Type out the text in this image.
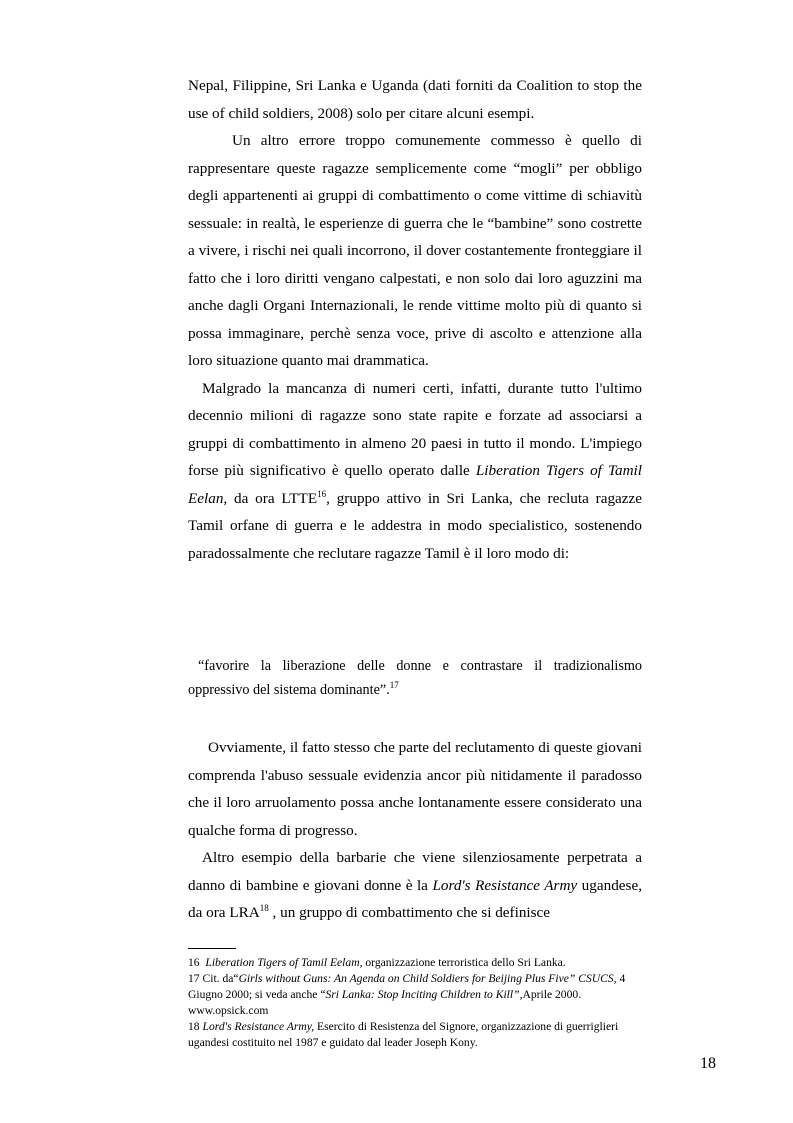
Nepal, Filippine, Sri Lanka e Uganda (dati forniti da Coalition to stop the use of child soldiers, 2008) solo per citare alcuni esempi.

Un altro errore troppo comunemente commesso è quello di rappresentare queste ragazze semplicemente come “mogli” per obbligo degli appartenenti ai gruppi di combattimento o come vittime di schiavitù sessuale: in realtà, le esperienze di guerra che le “bambine” sono costrette a vivere, i rischi nei quali incorrono, il dover costantemente fronteggiare il fatto che i loro diritti vengano calpestati, e non solo dai loro aguzzini ma anche dagli Organi Internazionali, le rende vittime molto più di quanto si possa immaginare, perchè senza voce, prive di ascolto e attenzione alla loro situazione quanto mai drammatica.

Malgrado la mancanza di numeri certi, infatti, durante tutto l'ultimo decennio milioni di ragazze sono state rapite e forzate ad associarsi a gruppi di combattimento in almeno 20 paesi in tutto il mondo. L'impiego forse più significativo è quello operato dalle Liberation Tigers of Tamil Eelan, da ora LTTE$^{16}$, gruppo attivo in Sri Lanka, che recluta ragazze Tamil orfane di guerra e le addestra in modo specialistico, sostenendo paradossalmente che reclutare ragazze Tamil è il loro modo di:

“favorire la liberazione delle donne e contrastare il tradizionalismo oppressivo del sistema dominante”.$^{17}$

Ovviamente, il fatto stesso che parte del reclutamento di queste giovani comprenda l'abuso sessuale evidenzia ancor più nitidamente il paradosso che il loro arruolamento possa anche lontanamente essere considerato una qualche forma di progresso.

Altro esempio della barbarie che viene silenziosamente perpetrata a danno di bambine e giovani donne è la Lord's Resistance Army ugandese, da ora LRA$^{18}$ , un gruppo di combattimento che si definisce

16 Liberation Tigers of Tamil Eelam, organizzazione terroristica dello Sri Lanka.

17 Cit. da“Girls without Guns: An Agenda on Child Soldiers for Beijing Plus Five” CSUCS, 4 Giugno 2000; si veda anche “Sri Lanka: Stop Inciting Children to Kill”,Aprile 2000.
www.opsick.com

18 Lord's Resistance Army, Esercito di Resistenza del Signore, organizzazione di guerriglieri ugandesi costituito nel 1987 e guidato dal leader Joseph Kony.

18
